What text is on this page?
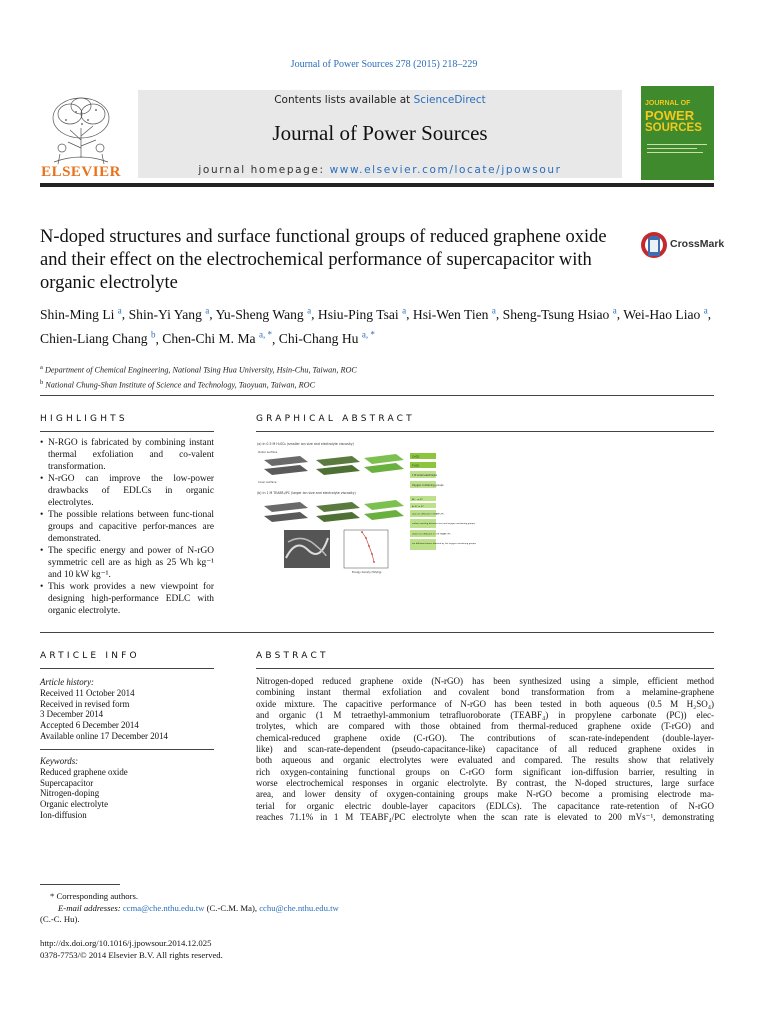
Journal of Power Sources 278 (2015) 218–229
ELSEVIER
Contents lists available at ScienceDirect
Journal of Power Sources
journal homepage: www.elsevier.com/locate/jpowsour
JOURNAL OF
POWER
SOURCES
N-doped structures and surface functional groups of reduced graphene oxide and their effect on the electrochemical performance of supercapacitor with organic electrolyte
CrossMark
Shin-Ming Li $^a$, Shin-Yi Yang $^a$, Yu-Sheng Wang $^a$, Hsiu-Ping Tsai $^a$, Hsi-Wen Tien $^a$, Sheng-Tsung Hsiao $^a$, Wei-Hao Liao $^a$, Chien-Liang Chang $^b$, Chen-Chi M. Ma $^{a, *}$, Chi-Chang Hu $^{a, *}$
$^a$ Department of Chemical Engineering, National Tsing Hua University, Hsin-Chu, Taiwan, ROC
$^b$ National Chung-Shan Institute of Science and Technology, Taoyuan, Taiwan, ROC
HIGHLIGHTS	GRAPHICAL ABSTRACT

• N-RGO is fabricated by combining instant thermal exfoliation and co-valent transformation.

• N-rGO can improve the low-power drawbacks of EDLCs in organic electrolytes.

• The possible relations between func-tional groups and capacitive perfor-mances are demonstrated.

• The specific energy and power of N-rGO symmetric cell are as high as 25 Wh kg⁻¹ and 10 kW kg⁻¹.

• This work provides a new viewpoint for designing high-performance EDLC with organic electrolyte.

(a) In 0.5 M H₂SO₄ (smaller ion size and electrolyte viscosity)
Outer surface
Inner surface
C-rGO
T-rGO
1 M small electrolyte
Oxygen containing groups
(b) In 1 M TEABF₄/PC (larger ion size and electrolyte viscosity)
BF₄⁻ or PC
Et₄N⁺ or PC
slow ion diffusion in TEABF₄/PC
surface wetting between ions and oxygen containing groups
slower ion diffusion in 1 M TEABF₄/PC
ion diffusion barrier blocked by the oxygen containing groups
Energy density (Wh/kg)
ARTICLE INFO	ABSTRACT
Article history:
Received 11 October 2014
Received in revised form
3 December 2014
Accepted 6 December 2014
Available online 17 December 2014
Keywords:
Reduced graphene oxide
Supercapacitor
Nitrogen-doping
Organic electrolyte
Ion-diffusion
Nitrogen-doped reduced graphene oxide (N-rGO) has been synthesized using a simple, efficient method
combining instant thermal exfoliation and covalent bond transformation from a melamine-graphene
oxide mixture. The capacitive performance of N-rGO has been tested in both aqueous (0.5 M H₂SO₄)
and organic (1 M tetraethyl-ammonium tetrafluoroborate (TEABF₄) in propylene carbonate (PC)) elec-
trolytes, which are compared with those obtained from thermal-reduced graphene oxide (T-rGO) and
chemical-reduced graphene oxide (C-rGO). The contributions of scan-rate-independent (double-layer-
like) and scan-rate-dependent (pseudo-capacitance-like) capacitance of all reduced graphene oxides in
both aqueous and organic electrolytes were evaluated and compared. The results show that relatively
rich oxygen-containing functional groups on C-rGO form significant ion-diffusion barrier, resulting in
worse electrochemical responses in organic electrolyte. By contrast, the N-doped structures, large surface
area, and lower density of oxygen-containing groups make N-rGO become a promising electrode ma-
terial for organic electric double-layer capacitors (EDLCs). The capacitance rate-retention of N-rGO
reaches 71.1% in 1 M TEABF₄/PC electrolyte when the scan rate is elevated to 200 mVs⁻¹, demonstrating
* Corresponding authors.
E-mail addresses: ccma@che.nthu.edu.tw (C.-C.M. Ma), cchu@che.nthu.edu.tw
(C.-C. Hu).
http://dx.doi.org/10.1016/j.jpowsour.2014.12.025
0378-7753/© 2014 Elsevier B.V. All rights reserved.
